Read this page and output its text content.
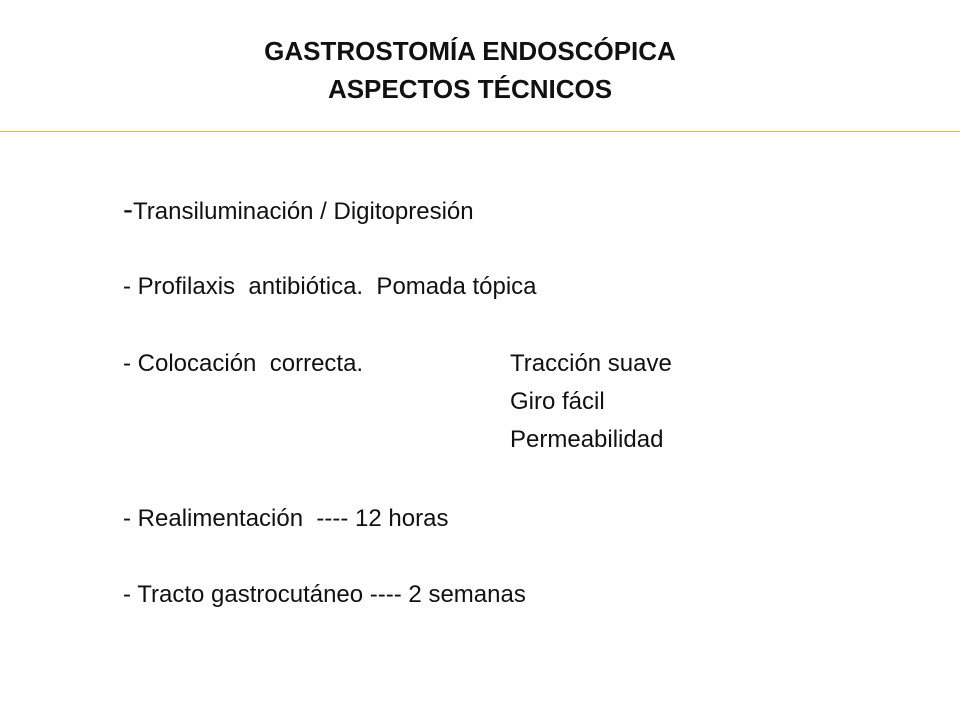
GASTROSTOMÍA ENDOSCÓPICA
ASPECTOS TÉCNICOS
-Transiluminación / Digitopresión
- Profilaxis  antibiótica.  Pomada tópica
- Colocación  correcta.	Tracción suave
Giro fácil
Permeabilidad
- Realimentación  ---- 12 horas
- Tracto gastrocutáneo ---- 2 semanas
